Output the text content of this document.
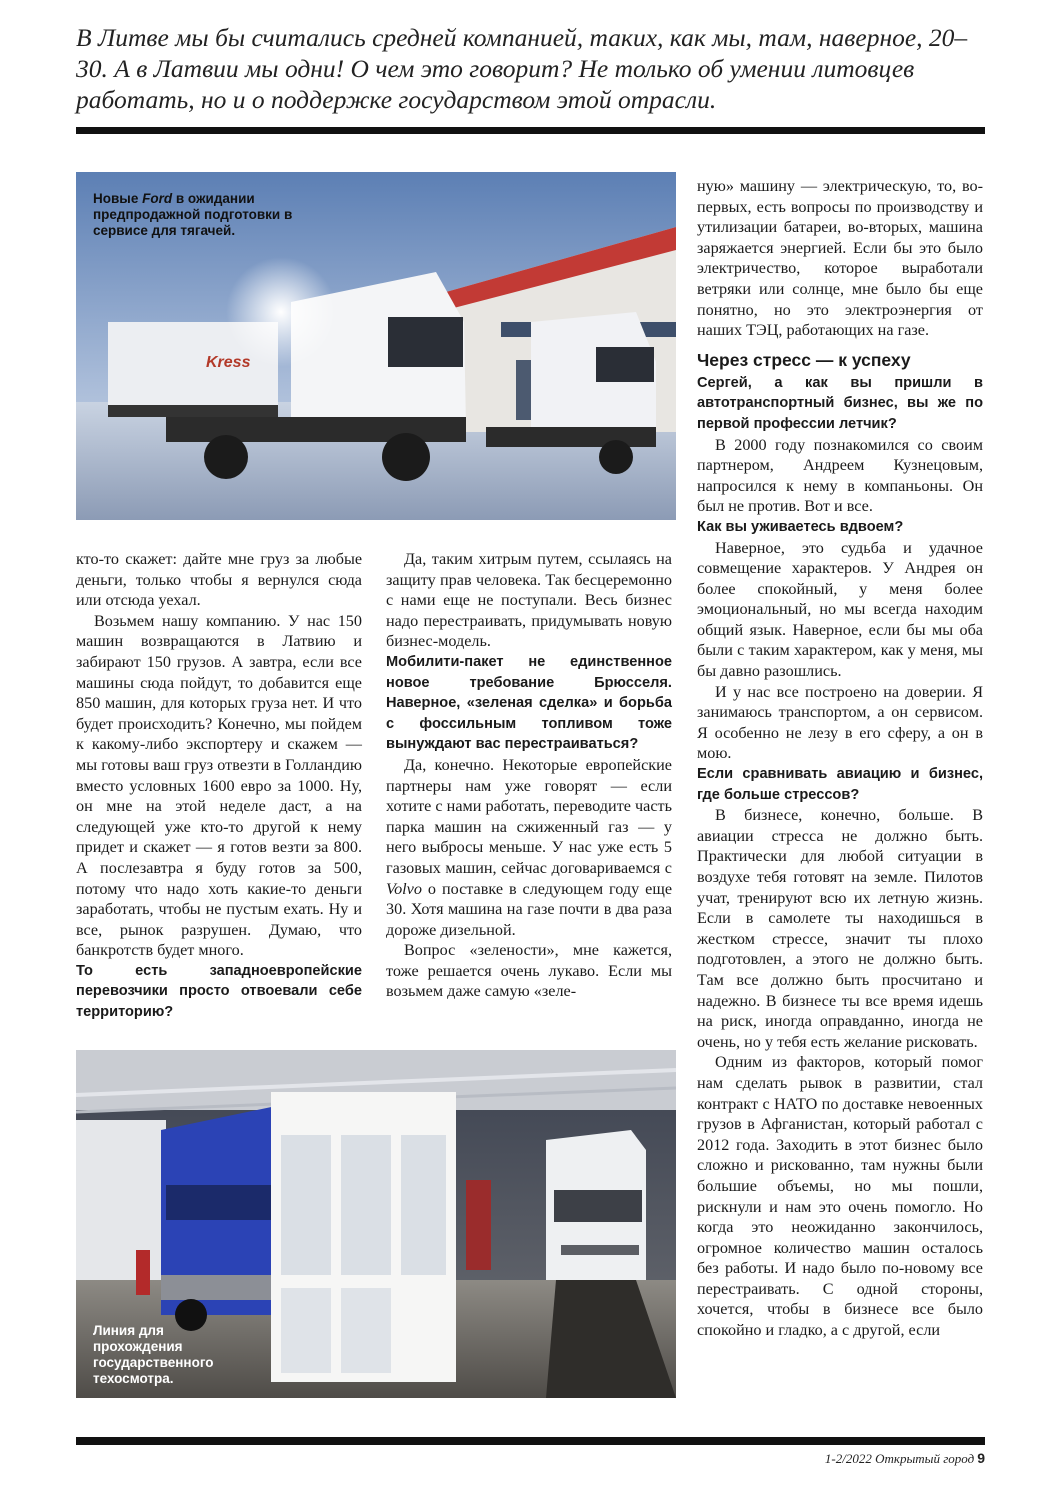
В Литве мы бы считались средней компанией, таких, как мы, там, наверное, 20–30. А в Латвии мы одни! О чем это говорит? Не только об умении литовцев работать, но и о поддержке государством этой отрасли.
Kress
Новые Ford в ожидании предпродажной подготовки в сервисе для тягачей.
Линия для прохождения государственного техосмотра.

кто-то скажет: дайте мне груз за любые деньги, только чтобы я вернулся сюда или отсюда уехал.

Возьмем нашу компанию. У нас 150 машин возвращаются в Латвию и забирают 150 грузов. А завтра, если все машины сюда пойдут, то добавится еще 850 машин, для которых груза нет. И что будет происходить? Конечно, мы пойдем к какому-либо экспортеру и скажем — мы готовы ваш груз отвезти в Голландию вместо условных 1600 евро за 1000. Ну, он мне на этой неделе даст, а на следующей уже кто-то другой к нему придет и скажет — я готов везти за 800. А послезавтра я буду готов за 500, потому что надо хоть какие-то деньги заработать, чтобы не пустым ехать. Ну и все, рынок разрушен. Думаю, что банкротств будет много.

То есть западноевропейские перевозчики просто отвоевали себе территорию?

Да, таким хитрым путем, ссылаясь на защиту прав человека. Так бесцеремонно с нами еще не поступали. Весь бизнес надо перестраивать, придумывать новую бизнес-модель.

Мобилити-пакет не единственное новое требование Брюсселя. Наверное, «зеленая сделка» и борьба с фоссильным топливом тоже вынуждают вас перестраиваться?

Да, конечно. Некоторые европейские партнеры нам уже говорят — если хотите с нами работать, переводите часть парка машин на сжиженный газ — у него выбросы меньше. У нас уже есть 5 газовых машин, сейчас договариваемся с Volvo о поставке в следующем году еще 30. Хотя машина на газе почти в два раза дороже дизельной.

Вопрос «зелености», мне кажется, тоже решается очень лукаво. Если мы возьмем даже самую «зеле-

ную» машину — электрическую, то, во-первых, есть вопросы по производству и утилизации батареи, во-вторых, машина заряжается энергией. Если бы это было электричество, которое выработали ветряки или солнце, мне было бы еще понятно, но это электроэнергия от наших ТЭЦ, работающих на газе.

Через стресс — к успеху

Сергей, а как вы пришли в автотранспортный бизнес, вы же по первой профессии летчик?

В 2000 году познакомился со своим партнером, Андреем Кузнецовым, напросился к нему в компаньоны. Он был не против. Вот и все.

Как вы уживаетесь вдвоем?

Наверное, это судьба и удачное совмещение характеров. У Андрея он более спокойный, у меня более эмоциональный, но мы всегда находим общий язык. Наверное, если бы мы оба были с таким характером, как у меня, мы бы давно разошлись.

И у нас все построено на доверии. Я занимаюсь транспортом, а он сервисом. Я особенно не лезу в его сферу, а он в мою.

Если сравнивать авиацию и бизнес, где больше стрессов?

В бизнесе, конечно, больше. В авиации стресса не должно быть. Практически для любой ситуации в воздухе тебя готовят на земле. Пилотов учат, тренируют всю их летную жизнь. Если в самолете ты находишься в жестком стрессе, значит ты плохо подготовлен, а этого не должно быть. Там все должно быть просчитано и надежно. В бизнесе ты все время идешь на риск, иногда оправданно, иногда не очень, но у тебя есть желание рисковать.

Одним из факторов, который помог нам сделать рывок в развитии, стал контракт с НАТО по доставке невоенных грузов в Афганистан, который работал с 2012 года. Заходить в этот бизнес было сложно и рискованно, там нужны были большие объемы, но мы пошли, рискнули и нам это очень помогло. Но когда это неожиданно закончилось, огромное количество машин осталось без работы. И надо было по-новому все перестраивать. С одной стороны, хочется, чтобы в бизнесе все было спокойно и гладко, а с другой, если

1-2/2022 Открытый город 9
